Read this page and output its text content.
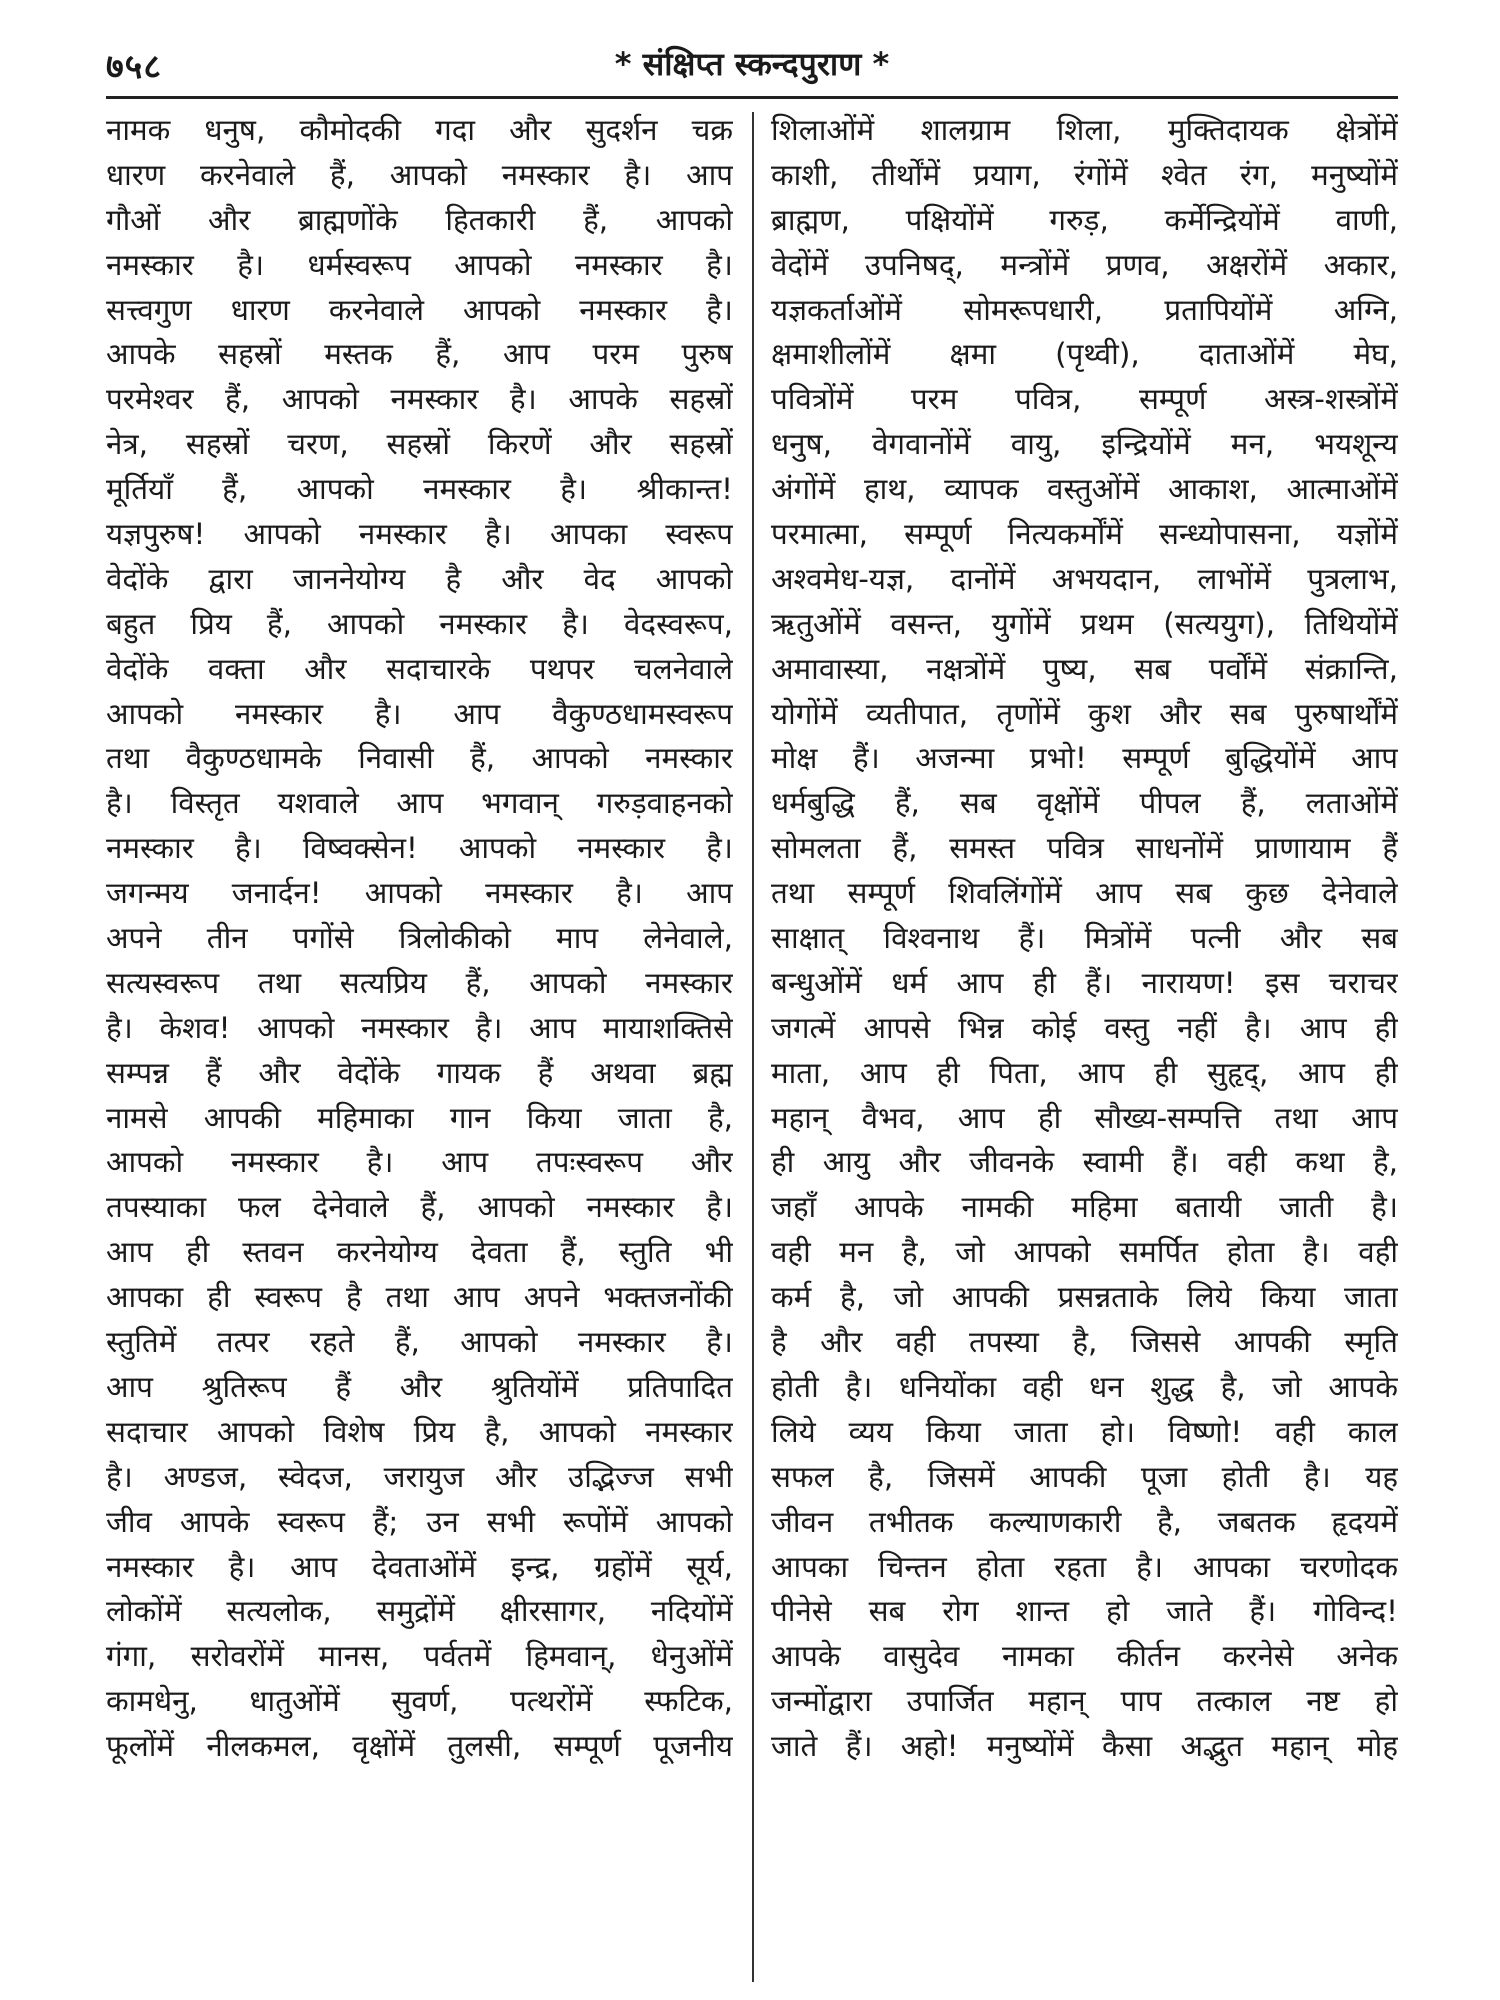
७५८	* संक्षिप्त स्कन्दपुराण *
नामक धनुष, कौमोदकी गदा और सुदर्शन चक्र
धारण करनेवाले हैं, आपको नमस्कार है। आप
गौओं और ब्राह्मणोंके हितकारी हैं, आपको
नमस्कार है। धर्मस्वरूप आपको नमस्कार है।
सत्त्वगुण धारण करनेवाले आपको नमस्कार है।
आपके सहस्रों मस्तक हैं, आप परम पुरुष
परमेश्वर हैं, आपको नमस्कार है। आपके सहस्रों
नेत्र, सहस्रों चरण, सहस्रों किरणें और सहस्रों
मूर्तियाँ हैं, आपको नमस्कार है। श्रीकान्त!
यज्ञपुरुष! आपको नमस्कार है। आपका स्वरूप
वेदोंके द्वारा जाननेयोग्य है और वेद आपको
बहुत प्रिय हैं, आपको नमस्कार है। वेदस्वरूप,
वेदोंके वक्ता और सदाचारके पथपर चलनेवाले
आपको नमस्कार है। आप वैकुण्ठधामस्वरूप
तथा वैकुण्ठधामके निवासी हैं, आपको नमस्कार
है। विस्तृत यशवाले आप भगवान् गरुड़वाहनको
नमस्कार है। विष्वक्सेन! आपको नमस्कार है।
जगन्मय जनार्दन! आपको नमस्कार है। आप
अपने तीन पगोंसे त्रिलोकीको माप लेनेवाले,
सत्यस्वरूप तथा सत्यप्रिय हैं, आपको नमस्कार
है। केशव! आपको नमस्कार है। आप मायाशक्तिसे
सम्पन्न हैं और वेदोंके गायक हैं अथवा ब्रह्म
नामसे आपकी महिमाका गान किया जाता है,
आपको नमस्कार है। आप तपःस्वरूप और
तपस्याका फल देनेवाले हैं, आपको नमस्कार है।
आप ही स्तवन करनेयोग्य देवता हैं, स्तुति भी
आपका ही स्वरूप है तथा आप अपने भक्तजनोंकी
स्तुतिमें तत्पर रहते हैं, आपको नमस्कार है।
आप श्रुतिरूप हैं और श्रुतियोंमें प्रतिपादित
सदाचार आपको विशेष प्रिय है, आपको नमस्कार
है। अण्डज, स्वेदज, जरायुज और उद्भिज्ज सभी
जीव आपके स्वरूप हैं; उन सभी रूपोंमें आपको
नमस्कार है। आप देवताओंमें इन्द्र, ग्रहोंमें सूर्य,
लोकोंमें सत्यलोक, समुद्रोंमें क्षीरसागर, नदियोंमें
गंगा, सरोवरोंमें मानस, पर्वतमें हिमवान्, धेनुओंमें
कामधेनु, धातुओंमें सुवर्ण, पत्थरोंमें स्फटिक,
फूलोंमें नीलकमल, वृक्षोंमें तुलसी, सम्पूर्ण पूजनीय
शिलाओंमें शालग्राम शिला, मुक्तिदायक क्षेत्रोंमें
काशी, तीर्थोंमें प्रयाग, रंगोंमें श्वेत रंग, मनुष्योंमें
ब्राह्मण, पक्षियोंमें गरुड़, कर्मेन्द्रियोंमें वाणी,
वेदोंमें उपनिषद्, मन्त्रोंमें प्रणव, अक्षरोंमें अकार,
यज्ञकर्ताओंमें सोमरूपधारी, प्रतापियोंमें अग्नि,
क्षमाशीलोंमें क्षमा (पृथ्वी), दाताओंमें मेघ,
पवित्रोंमें परम पवित्र, सम्पूर्ण अस्त्र-शस्त्रोंमें
धनुष, वेगवानोंमें वायु, इन्द्रियोंमें मन, भयशून्य
अंगोंमें हाथ, व्यापक वस्तुओंमें आकाश, आत्माओंमें
परमात्मा, सम्पूर्ण नित्यकर्मोंमें सन्ध्योपासना, यज्ञोंमें
अश्वमेध-यज्ञ, दानोंमें अभयदान, लाभोंमें पुत्रलाभ,
ऋतुओंमें वसन्त, युगोंमें प्रथम (सत्ययुग), तिथियोंमें
अमावास्या, नक्षत्रोंमें पुष्य, सब पर्वोंमें संक्रान्ति,
योगोंमें व्यतीपात, तृणोंमें कुश और सब पुरुषार्थोंमें
मोक्ष हैं। अजन्मा प्रभो! सम्पूर्ण बुद्धियोंमें आप
धर्मबुद्धि हैं, सब वृक्षोंमें पीपल हैं, लताओंमें
सोमलता हैं, समस्त पवित्र साधनोंमें प्राणायाम हैं
तथा सम्पूर्ण शिवलिंगोंमें आप सब कुछ देनेवाले
साक्षात् विश्वनाथ हैं। मित्रोंमें पत्नी और सब
बन्धुओंमें धर्म आप ही हैं। नारायण! इस चराचर
जगत्में आपसे भिन्न कोई वस्तु नहीं है। आप ही
माता, आप ही पिता, आप ही सुहृद्, आप ही
महान् वैभव, आप ही सौख्य-सम्पत्ति तथा आप
ही आयु और जीवनके स्वामी हैं। वही कथा है,
जहाँ आपके नामकी महिमा बतायी जाती है।
वही मन है, जो आपको समर्पित होता है। वही
कर्म है, जो आपकी प्रसन्नताके लिये किया जाता
है और वही तपस्या है, जिससे आपकी स्मृति
होती है। धनियोंका वही धन शुद्ध है, जो आपके
लिये व्यय किया जाता हो। विष्णो! वही काल
सफल है, जिसमें आपकी पूजा होती है। यह
जीवन तभीतक कल्याणकारी है, जबतक हृदयमें
आपका चिन्तन होता रहता है। आपका चरणोदक
पीनेसे सब रोग शान्त हो जाते हैं। गोविन्द!
आपके वासुदेव नामका कीर्तन करनेसे अनेक
जन्मोंद्वारा उपार्जित महान् पाप तत्काल नष्ट हो
जाते हैं। अहो! मनुष्योंमें कैसा अद्भुत महान् मोह
